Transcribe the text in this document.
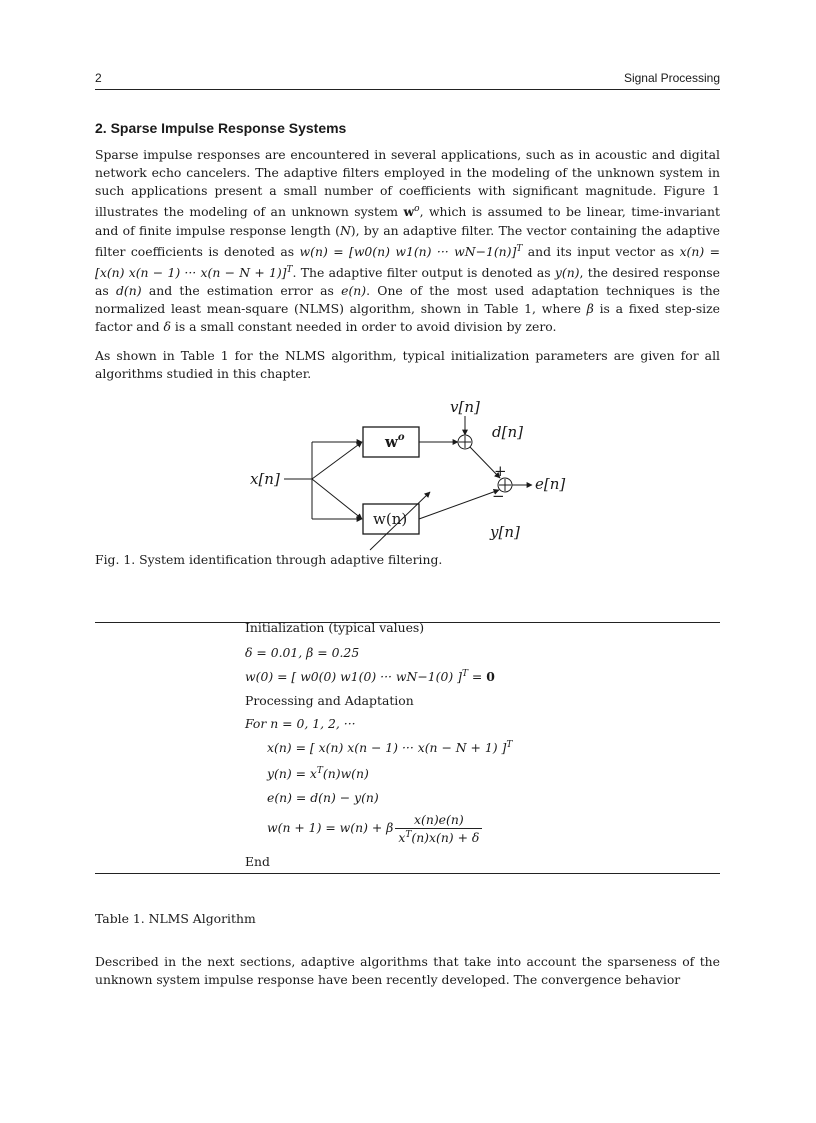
2	Signal Processing
2. Sparse Impulse Response Systems

Sparse impulse responses are encountered in several applications, such as in acoustic and digital network echo cancelers. The adaptive filters employed in the modeling of the unknown system in such applications present a small number of coefficients with significant magnitude. Figure 1 illustrates the modeling of an unknown system $w^o$, which is assumed to be linear, time-invariant and of finite impulse response length (N), by an adaptive filter. The vector containing the adaptive filter coefficients is denoted as w(n) = [w0(n) w1(n) ··· wN−1(n)]$^T$ and its input vector as x(n) = [x(n) x(n − 1) ··· x(n − N + 1)]$^T$. The adaptive filter output is denoted as y(n), the desired response as d(n) and the estimation error as e(n). One of the most used adaptation techniques is the normalized least mean-square (NLMS) algorithm, shown in Table 1, where β is a fixed step-size factor and δ is a small constant needed in order to avoid division by zero.

As shown in Table 1 for the NLMS algorithm, typical initialization parameters are given for all algorithms studied in this chapter.

$w^o$
w(n)
x[n]
v[n]
d[n]
e[n]
y[n]
+
−

Fig. 1. System identification through adaptive filtering.

Initialization (typical values)
δ = 0.01, β = 0.25
w(0) = [ w0(0) w1(0) ··· wN−1(0) ]$^T$ = 0
Processing and Adaptation
For n = 0, 1, 2, ···
x(n) = [ x(n) x(n − 1) ··· x(n − N + 1) ]$^T$
$y(n) = x^T(n)w(n)$
e(n) = d(n) − y(n)
w(n + 1) = w(n) + β $\frac{x(n)e(n)}{x^T(n)x(n) + \delta}$
End

Table 1. NLMS Algorithm

Described in the next sections, adaptive algorithms that take into account the sparseness of the unknown system impulse response have been recently developed. The convergence behavior
